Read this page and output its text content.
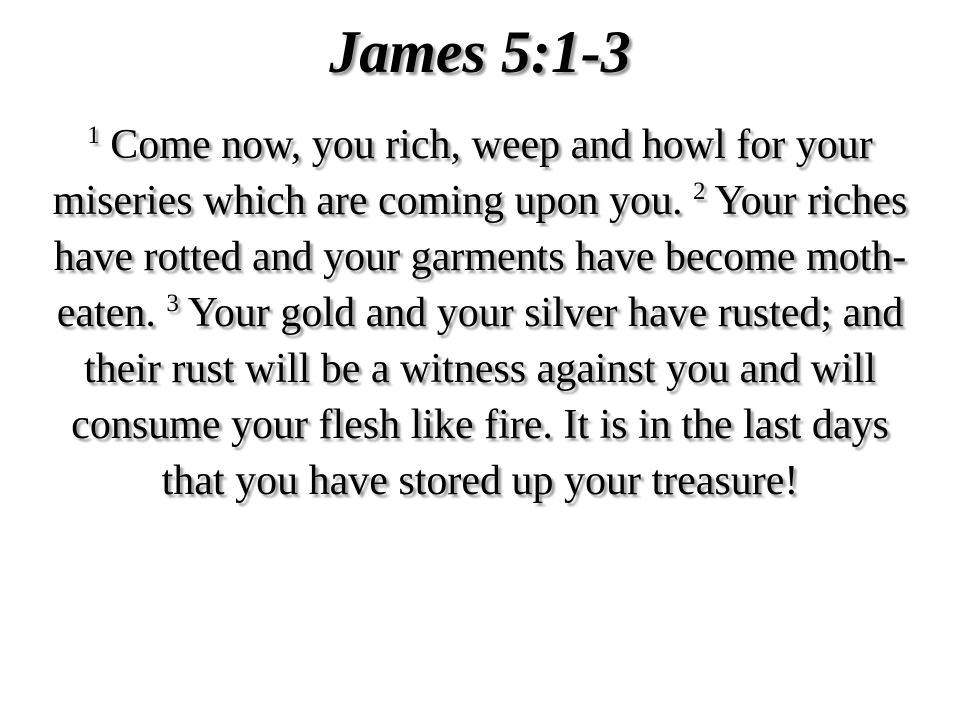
James 5:1-3

$^1$ Come now, you rich, weep and howl for your miseries which are coming upon you. $^2$ Your riches have rotted and your garments have become moth-eaten. $^3$ Your gold and your silver have rusted; and their rust will be a witness against you and will consume your flesh like fire. It is in the last days that you have stored up your treasure!
